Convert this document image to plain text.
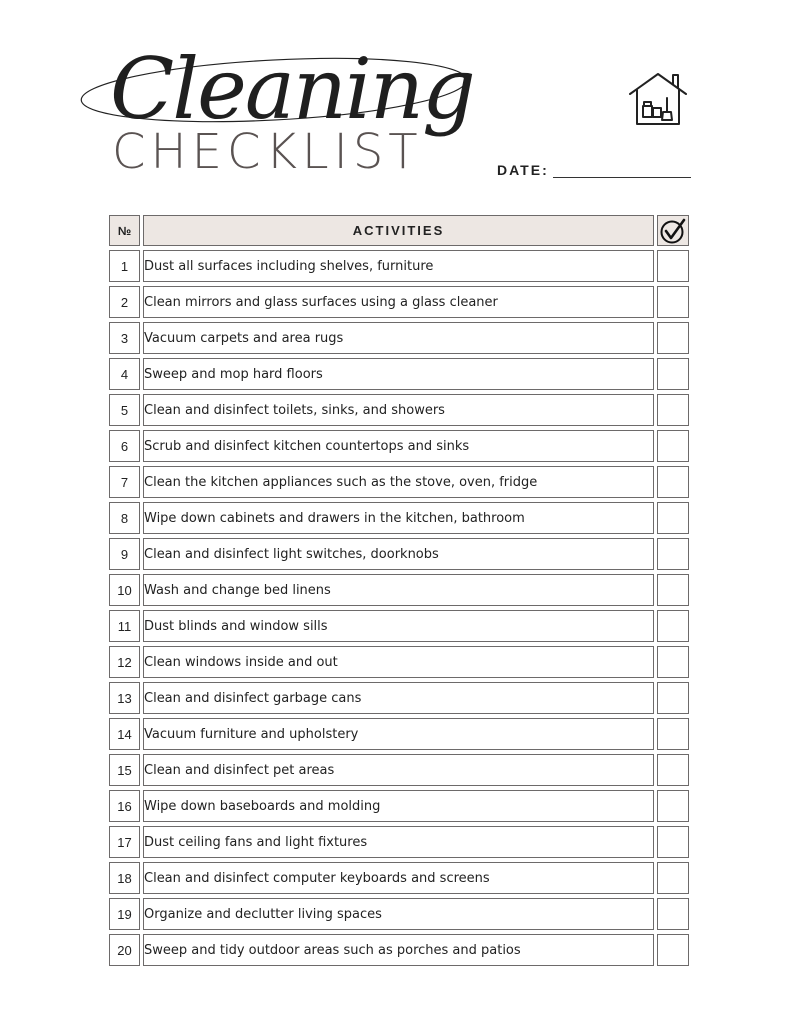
Cleaning
CHECKLIST	DATE:
№	ACTIVITIES	

1	Dust all surfaces including shelves, furniture	
2	Clean mirrors and glass surfaces using a glass cleaner	
3	Vacuum carpets and area rugs	
4	Sweep and mop hard floors	
5	Clean and disinfect toilets, sinks, and showers	
6	Scrub and disinfect kitchen countertops and sinks	
7	Clean the kitchen appliances such as the stove, oven, fridge	
8	Wipe down cabinets and drawers in the kitchen, bathroom	
9	Clean and disinfect light switches, doorknobs	
10	Wash and change bed linens	
11	Dust blinds and window sills	
12	Clean windows inside and out	
13	Clean and disinfect garbage cans	
14	Vacuum furniture and upholstery	
15	Clean and disinfect pet areas	
16	Wipe down baseboards and molding	
17	Dust ceiling fans and light fixtures	
18	Clean and disinfect computer keyboards and screens	
19	Organize and declutter living spaces	
20	Sweep and tidy outdoor areas such as porches and patios	
